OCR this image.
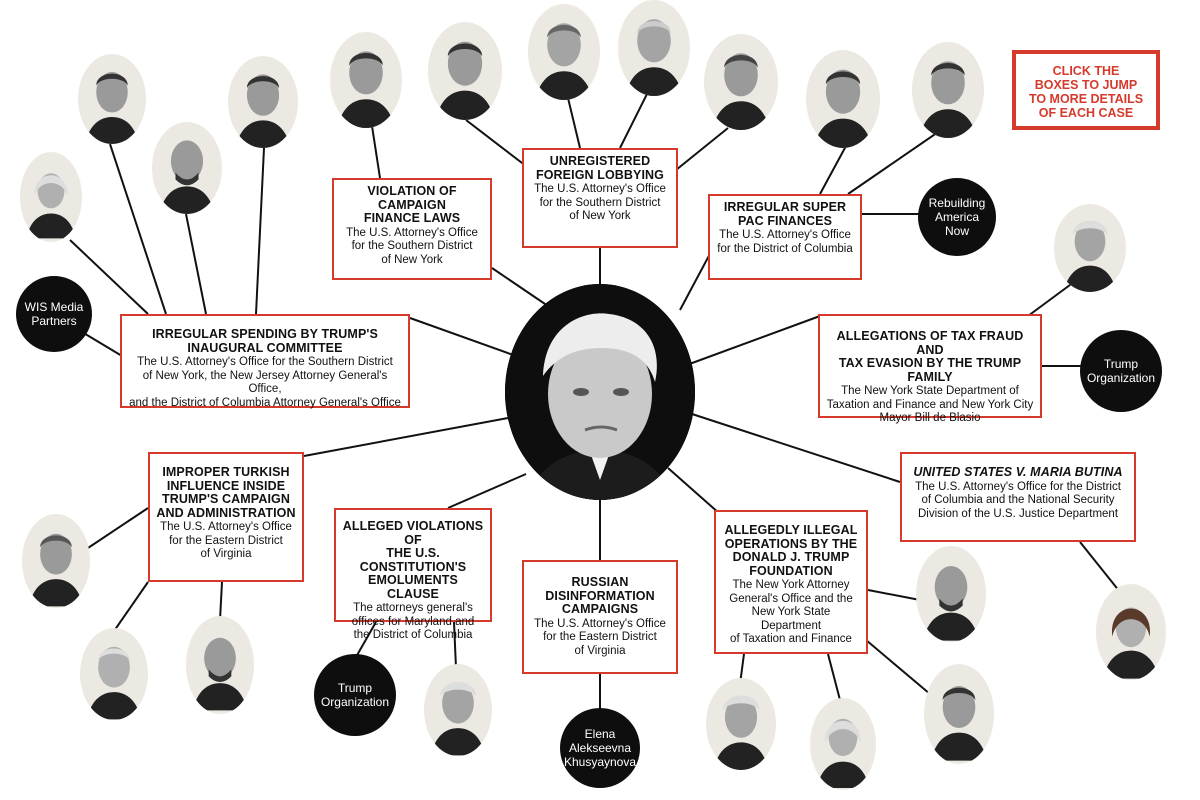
CLICK THE
BOXES TO JUMP
TO MORE DETAILS
OF EACH CASE
VIOLATION OF CAMPAIGN
FINANCE LAWS
The U.S. Attorney's Office
for the Southern District
of New York
UNREGISTERED
FOREIGN LOBBYING
The U.S. Attorney's Office
for the Southern District
of New York
IRREGULAR SUPER
PAC FINANCES
The U.S. Attorney's Office
for the District of Columbia
IRREGULAR SPENDING BY TRUMP'S
INAUGURAL COMMITTEE
The U.S. Attorney's Office for the Southern District
of New York, the New Jersey Attorney General's Office,
and the District of Columbia Attorney General's Office
ALLEGATIONS OF TAX FRAUD AND
TAX EVASION BY THE TRUMP FAMILY
The New York State Department of
Taxation and Finance and New York City
Mayor Bill de Blasio
IMPROPER TURKISH
INFLUENCE INSIDE
TRUMP'S CAMPAIGN
AND ADMINISTRATION
The U.S. Attorney's Office
for the Eastern District
of Virginia
ALLEGED VIOLATIONS OF
THE U.S. CONSTITUTION'S
EMOLUMENTS CLAUSE
The attorneys general's
offices for Maryland and
the District of Columbia
RUSSIAN
DISINFORMATION
CAMPAIGNS
The U.S. Attorney's Office
for the Eastern District
of Virginia
ALLEGEDLY ILLEGAL
OPERATIONS BY THE
DONALD J. TRUMP
FOUNDATION
The New York Attorney
General's Office and the
New York State Department
of Taxation and Finance
UNITED STATES V. MARIA BUTINA
The U.S. Attorney's Office for the District
of Columbia and the National Security
Division of the U.S. Justice Department
WIS Media
Partners
Rebuilding
America
Now
Trump
Organization
Trump
Organization
Elena
Alekseevna
Khusyaynova
